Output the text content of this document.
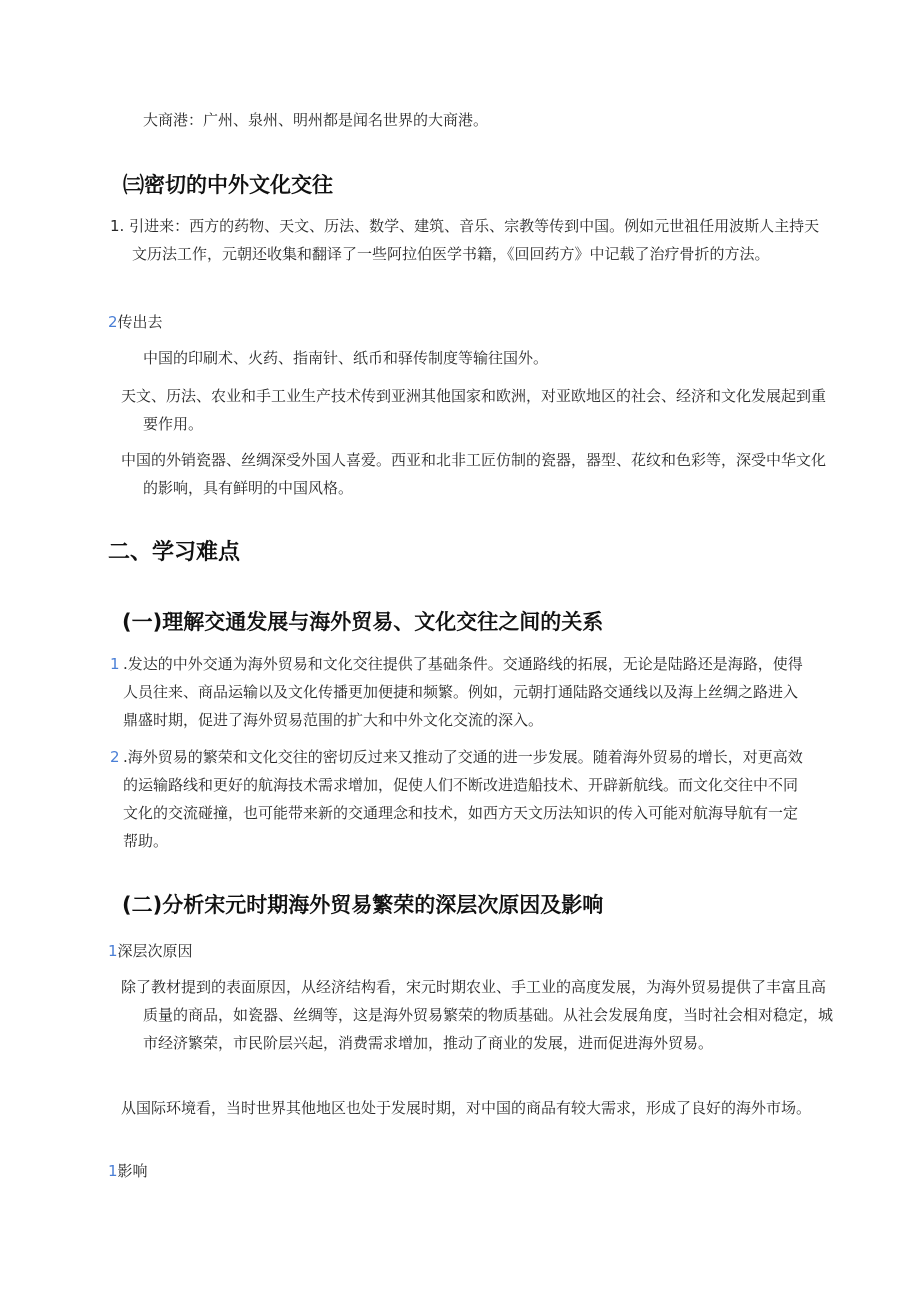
大商港：广州、泉州、明州都是闻名世界的大商港。

㈢密切的中外文化交往
1. 引进来：西方的药物、天文、历法、数学、建筑、音乐、宗教等传到中国。例如元世祖任用波斯人主持天文历法工作，元朝还收集和翻译了一些阿拉伯医学书籍，《回回药方》中记载了治疗骨折的方法。
2传出去

中国的印刷术、火药、指南针、纸币和驿传制度等输往国外。

天文、历法、农业和手工业生产技术传到亚洲其他国家和欧洲，对亚欧地区的社会、经济和文化发展起到重要作用。

中国的外销瓷器、丝绸深受外国人喜爱。西亚和北非工匠仿制的瓷器，器型、花纹和色彩等，深受中华文化的影响，具有鲜明的中国风格。

二、学习难点
(一)理解交通发展与海外贸易、文化交往之间的关系
1 .发达的中外交通为海外贸易和文化交往提供了基础条件。交通路线的拓展，无论是陆路还是海路，使得人员往来、商品运输以及文化传播更加便捷和频繁。例如，元朝打通陆路交通线以及海上丝绸之路进入鼎盛时期，促进了海外贸易范围的扩大和中外文化交流的深入。
2 .海外贸易的繁荣和文化交往的密切反过来又推动了交通的进一步发展。随着海外贸易的增长，对更高效的运输路线和更好的航海技术需求增加，促使人们不断改进造船技术、开辟新航线。而文化交往中不同文化的交流碰撞，也可能带来新的交通理念和技术，如西方天文历法知识的传入可能对航海导航有一定帮助。
(二)分析宋元时期海外贸易繁荣的深层次原因及影响
1深层次原因

除了教材提到的表面原因，从经济结构看，宋元时期农业、手工业的高度发展，为海外贸易提供了丰富且高质量的商品，如瓷器、丝绸等，这是海外贸易繁荣的物质基础。从社会发展角度，当时社会相对稳定，城市经济繁荣，市民阶层兴起，消费需求增加，推动了商业的发展，进而促进海外贸易。

从国际环境看，当时世界其他地区也处于发展时期，对中国的商品有较大需求，形成了良好的海外市场。

1影响
